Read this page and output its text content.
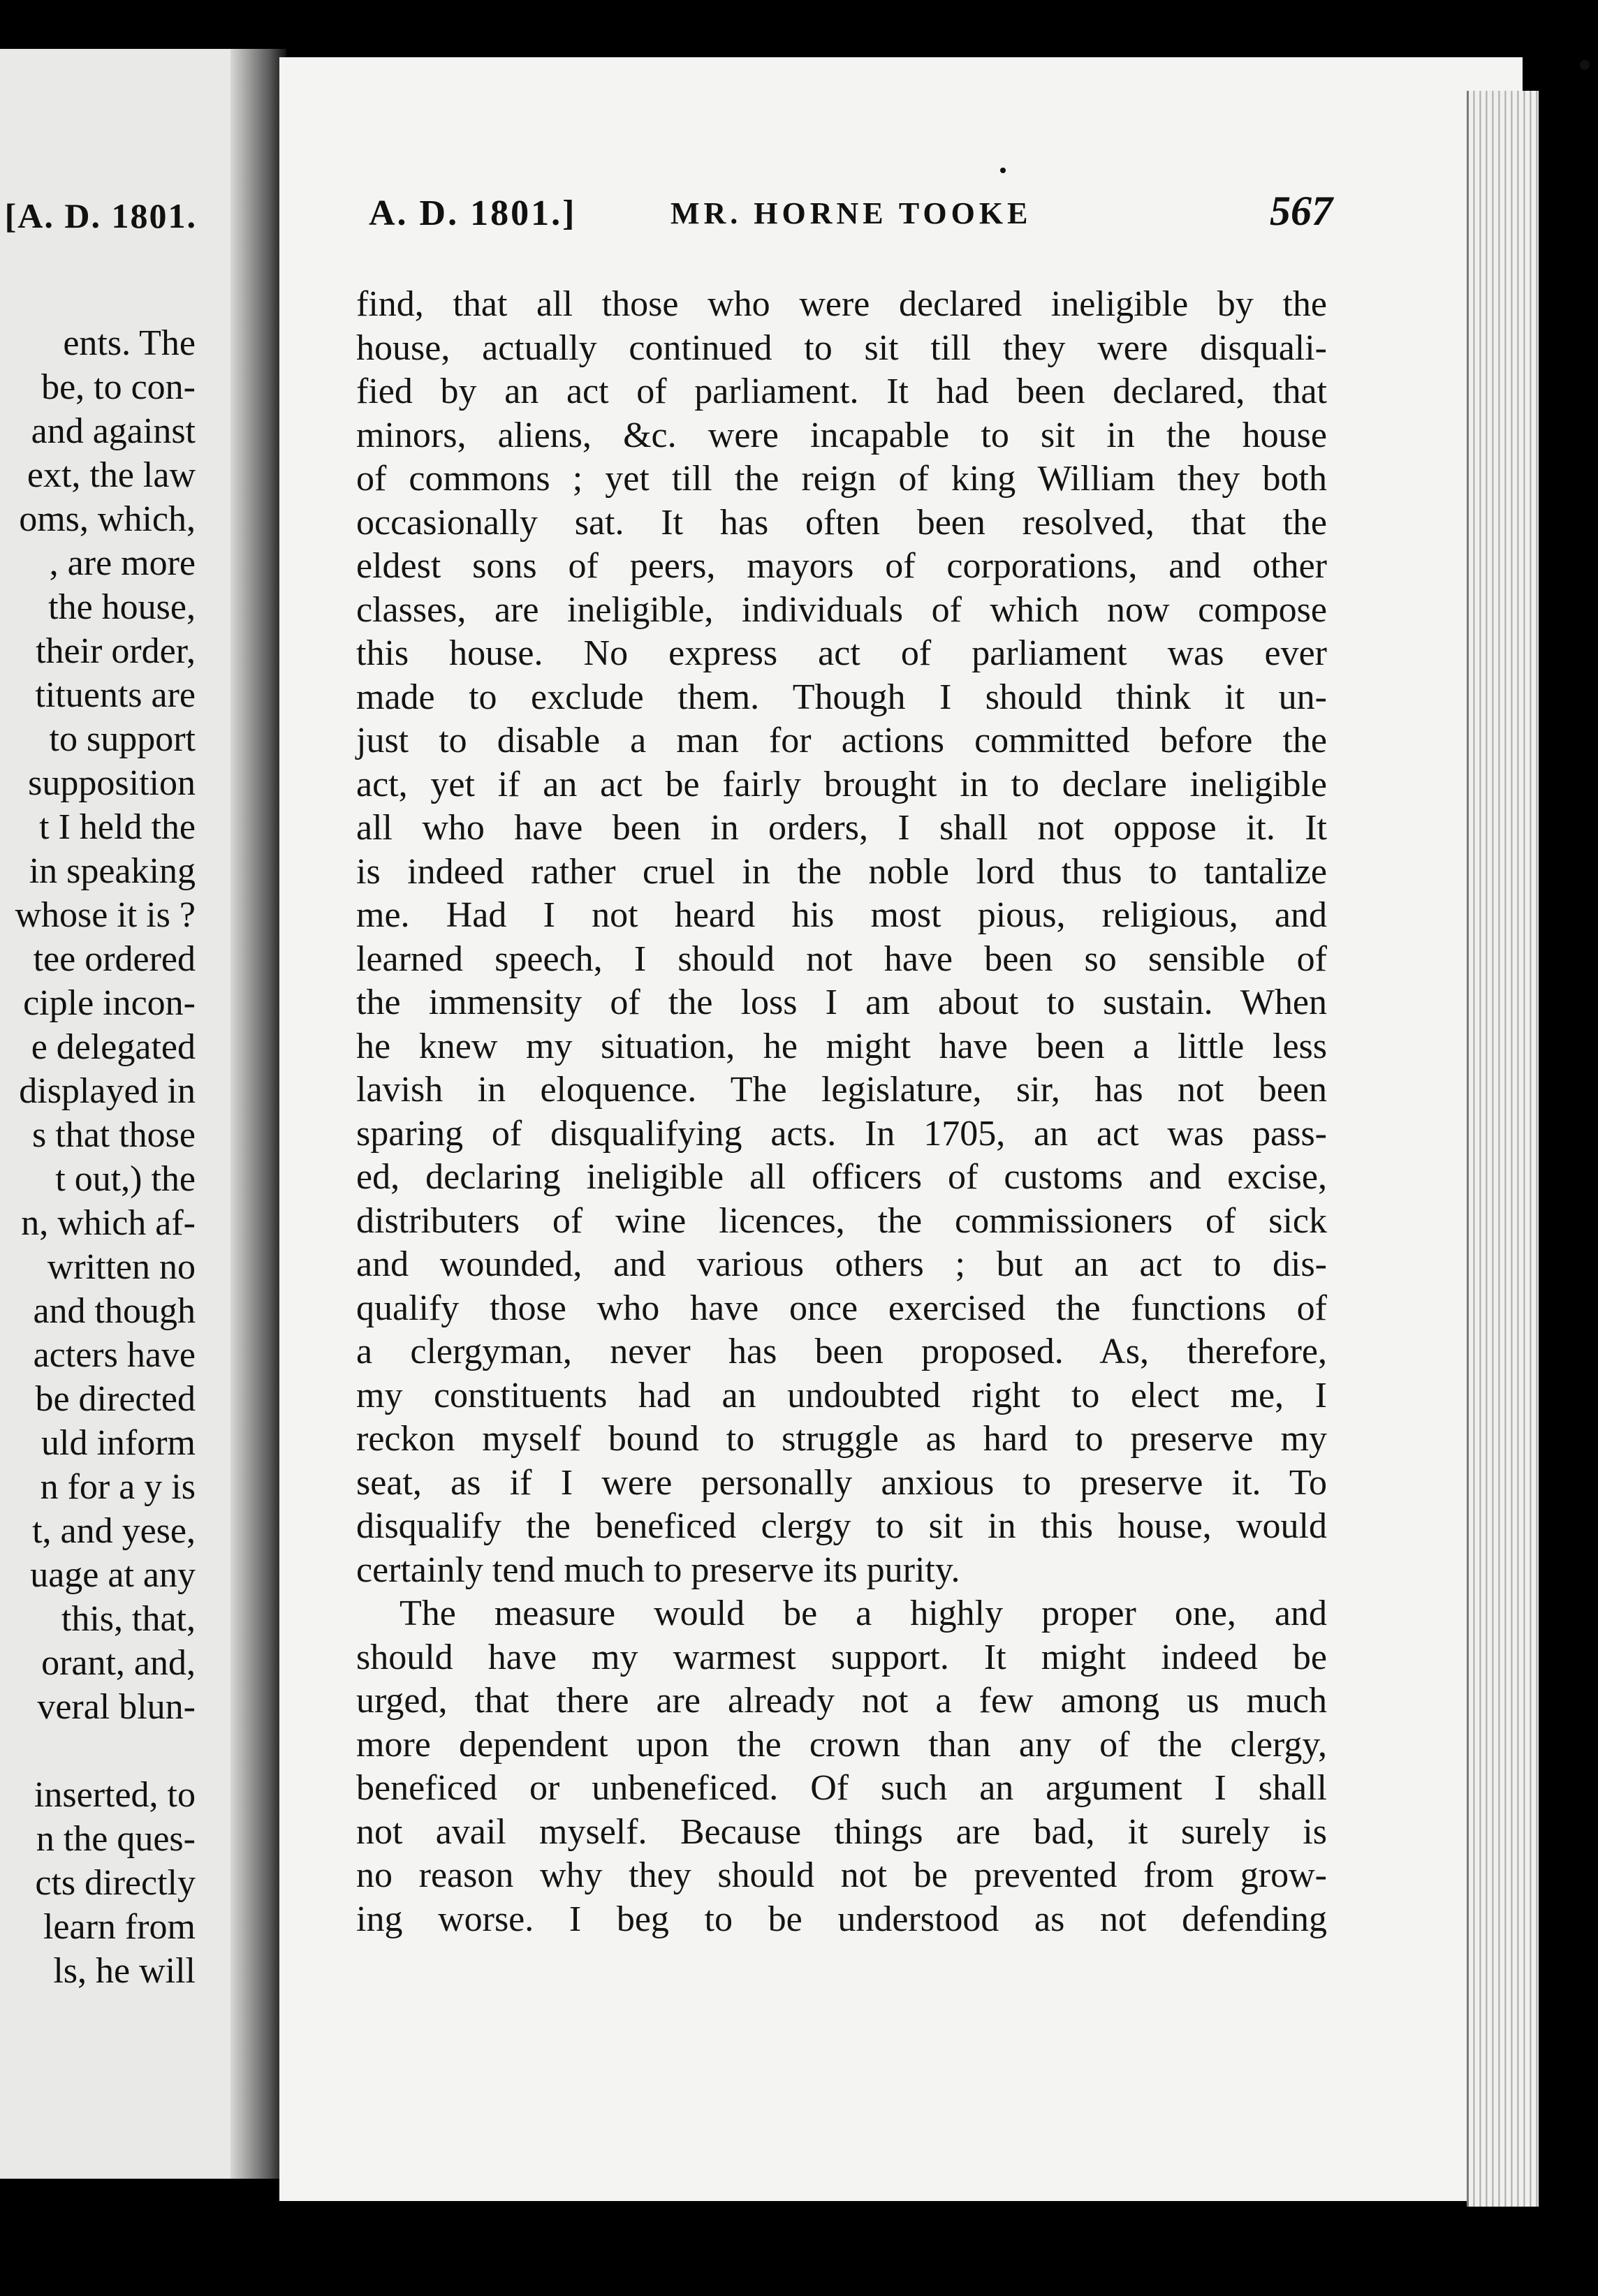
[A. D. 1801.
ents. The
be, to con-
and against
ext, the law
oms, which,
, are more
the house,
their order,
tituents are
to support
supposition
t I held the
in speaking
whose it is ?
tee ordered
ciple incon-
e delegated
displayed in
s that those
t out,) the
n, which af-
written no
and though
acters have
be directed
uld inform
n for a y is
t, and yese,
uage at any
this, that,
orant, and,
veral blun-
inserted, to
n the ques-
cts directly
learn from
ls, he will
A. D. 1801.]	MR. HORNE TOOKE	567
find, that all those who were declared ineligible by the
house, actually continued to sit till they were disquali-
fied by an act of parliament. It had been declared, that
minors, aliens, &c. were incapable to sit in the house
of commons ; yet till the reign of king William they both
occasionally sat. It has often been resolved, that the
eldest sons of peers, mayors of corporations, and other
classes, are ineligible, individuals of which now compose
this house. No express act of parliament was ever
made to exclude them. Though I should think it un-
just to disable a man for actions committed before the
act, yet if an act be fairly brought in to declare ineligible
all who have been in orders, I shall not oppose it. It
is indeed rather cruel in the noble lord thus to tantalize
me. Had I not heard his most pious, religious, and
learned speech, I should not have been so sensible of
the immensity of the loss I am about to sustain. When
he knew my situation, he might have been a little less
lavish in eloquence. The legislature, sir, has not been
sparing of disqualifying acts. In 1705, an act was pass-
ed, declaring ineligible all officers of customs and excise,
distributers of wine licences, the commissioners of sick
and wounded, and various others ; but an act to dis-
qualify those who have once exercised the functions of
a clergyman, never has been proposed. As, therefore,
my constituents had an undoubted right to elect me, I
reckon myself bound to struggle as hard to preserve my
seat, as if I were personally anxious to preserve it. To
disqualify the beneficed clergy to sit in this house, would
certainly tend much to preserve its purity.
The measure would be a highly proper one, and
should have my warmest support. It might indeed be
urged, that there are already not a few among us much
more dependent upon the crown than any of the clergy,
beneficed or unbeneficed. Of such an argument I shall
not avail myself. Because things are bad, it surely is
no reason why they should not be prevented from grow-
ing worse. I beg to be understood as not defending
